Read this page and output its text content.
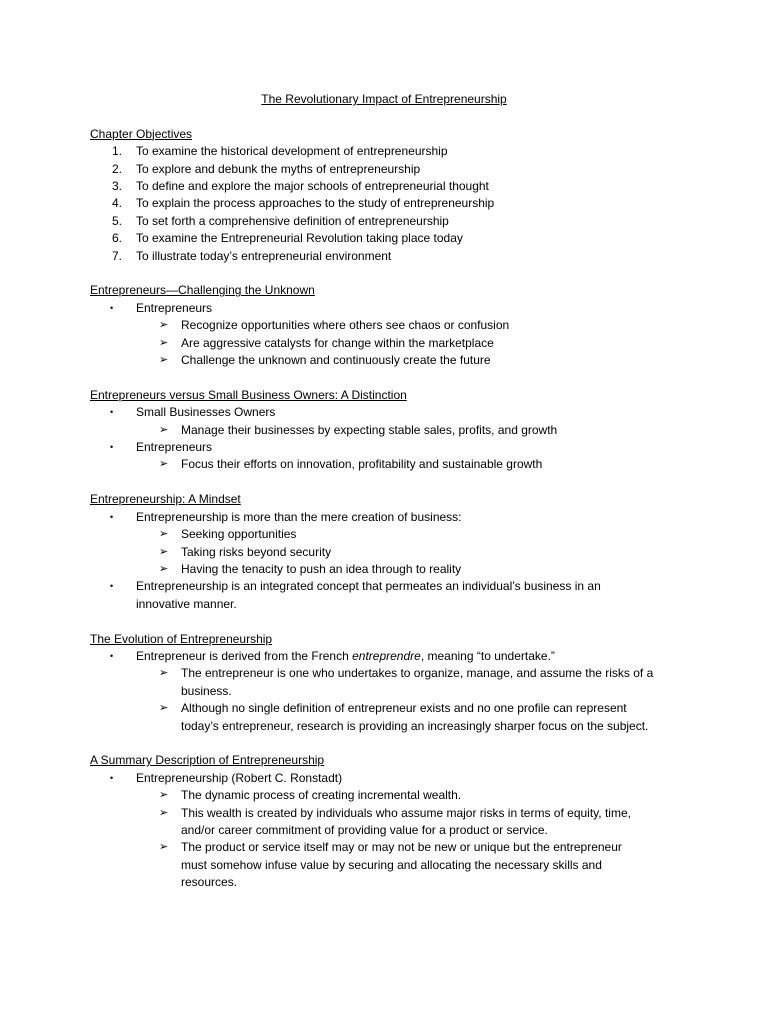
The Revolutionary Impact of Entrepreneurship
Chapter Objectives
1. To examine the historical development of entrepreneurship
2. To explore and debunk the myths of entrepreneurship
3. To define and explore the major schools of entrepreneurial thought
4. To explain the process approaches to the study of entrepreneurship
5. To set forth a comprehensive definition of entrepreneurship
6. To examine the Entrepreneurial Revolution taking place today
7. To illustrate today’s entrepreneurial environment
Entrepreneurs—Challenging the Unknown
• Entrepreneurs
➢ Recognize opportunities where others see chaos or confusion
➢ Are aggressive catalysts for change within the marketplace
➢ Challenge the unknown and continuously create the future
Entrepreneurs versus Small Business Owners: A Distinction
• Small Businesses Owners
➢ Manage their businesses by expecting stable sales, profits, and growth
• Entrepreneurs
➢ Focus their efforts on innovation, profitability and sustainable growth
Entrepreneurship: A Mindset
• Entrepreneurship is more than the mere creation of business:
➢ Seeking opportunities
➢ Taking risks beyond security
➢ Having the tenacity to push an idea through to reality
• Entrepreneurship is an integrated concept that permeates an individual’s business in an
innovative manner.
The Evolution of Entrepreneurship
• Entrepreneur is derived from the French entreprendre, meaning “to undertake.”
➢ The entrepreneur is one who undertakes to organize, manage, and assume the risks of a
business.
➢ Although no single definition of entrepreneur exists and no one profile can represent
today’s entrepreneur, research is providing an increasingly sharper focus on the subject.
A Summary Description of Entrepreneurship
• Entrepreneurship (Robert C. Ronstadt)
➢ The dynamic process of creating incremental wealth.
➢ This wealth is created by individuals who assume major risks in terms of equity, time,
and/or career commitment of providing value for a product or service.
➢ The product or service itself may or may not be new or unique but the entrepreneur
must somehow infuse value by securing and allocating the necessary skills and
resources.
